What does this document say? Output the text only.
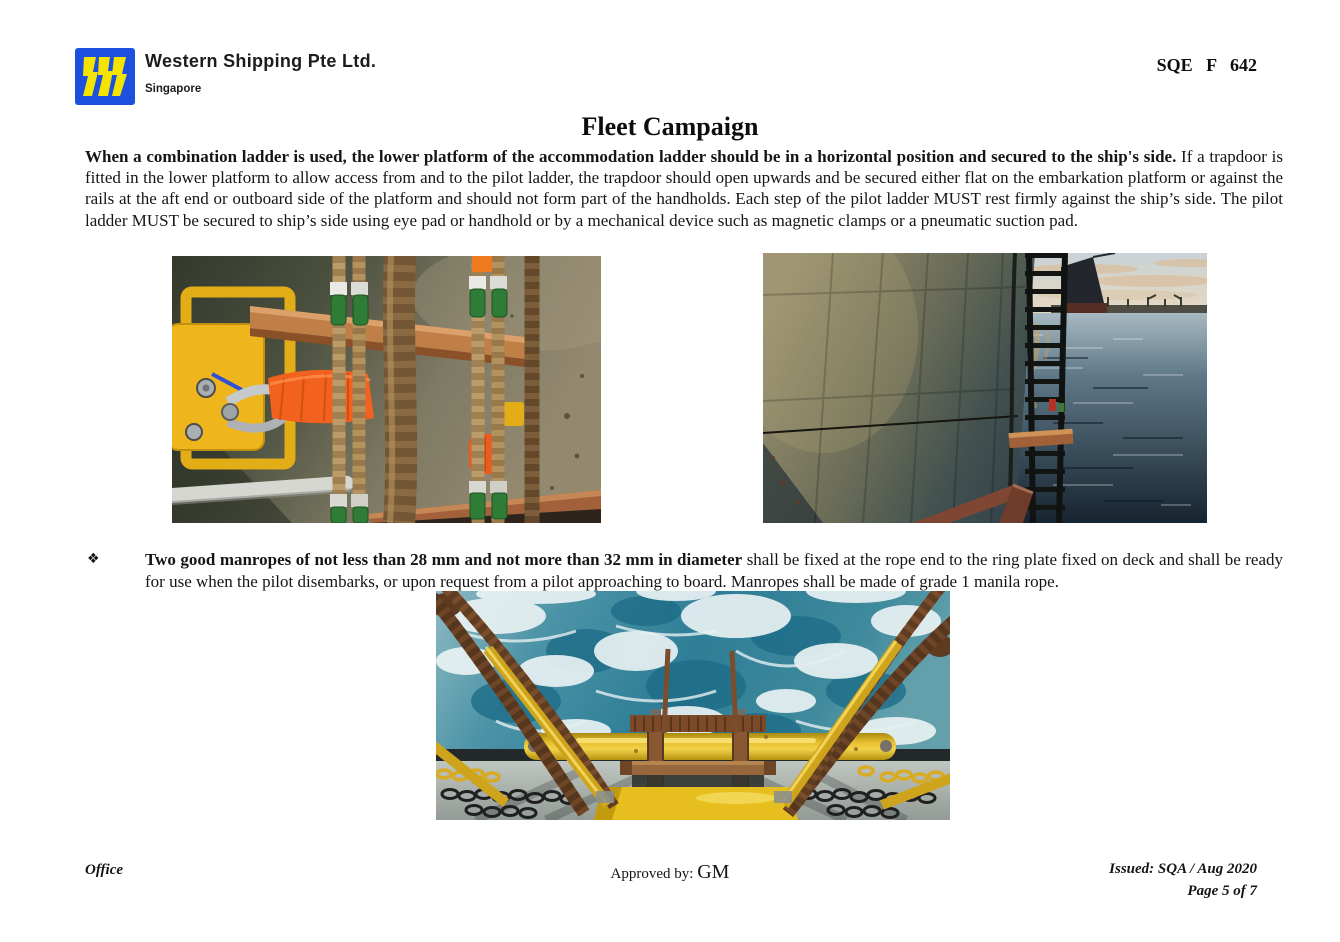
Western Shipping Pte Ltd.
Singapore
SQE F 642
Fleet Campaign
When a combination ladder is used, the lower platform of the accommodation ladder should be in a horizontal position and secured to the ship's side. If a trapdoor is fitted in the lower platform to allow access from and to the pilot ladder, the trapdoor should open upwards and be secured either flat on the embarkation platform or against the rails at the aft end or outboard side of the platform and should not form part of the handholds. Each step of the pilot ladder MUST rest firmly against the ship’s side. The pilot ladder MUST be secured to ship’s side using eye pad or handhold or by a mechanical device such as magnetic clamps or a pneumatic suction pad.
❖	Two good manropes of not less than 28 mm and not more than 32 mm in diameter shall be fixed at the rope end to the ring plate fixed on deck and shall be ready for use when the pilot disembarks, or upon request from a pilot approaching to board. Manropes shall be made of grade 1 manila rope.
Office	Approved by: GM	Issued: SQA / Aug 2020
Page 5 of 7
